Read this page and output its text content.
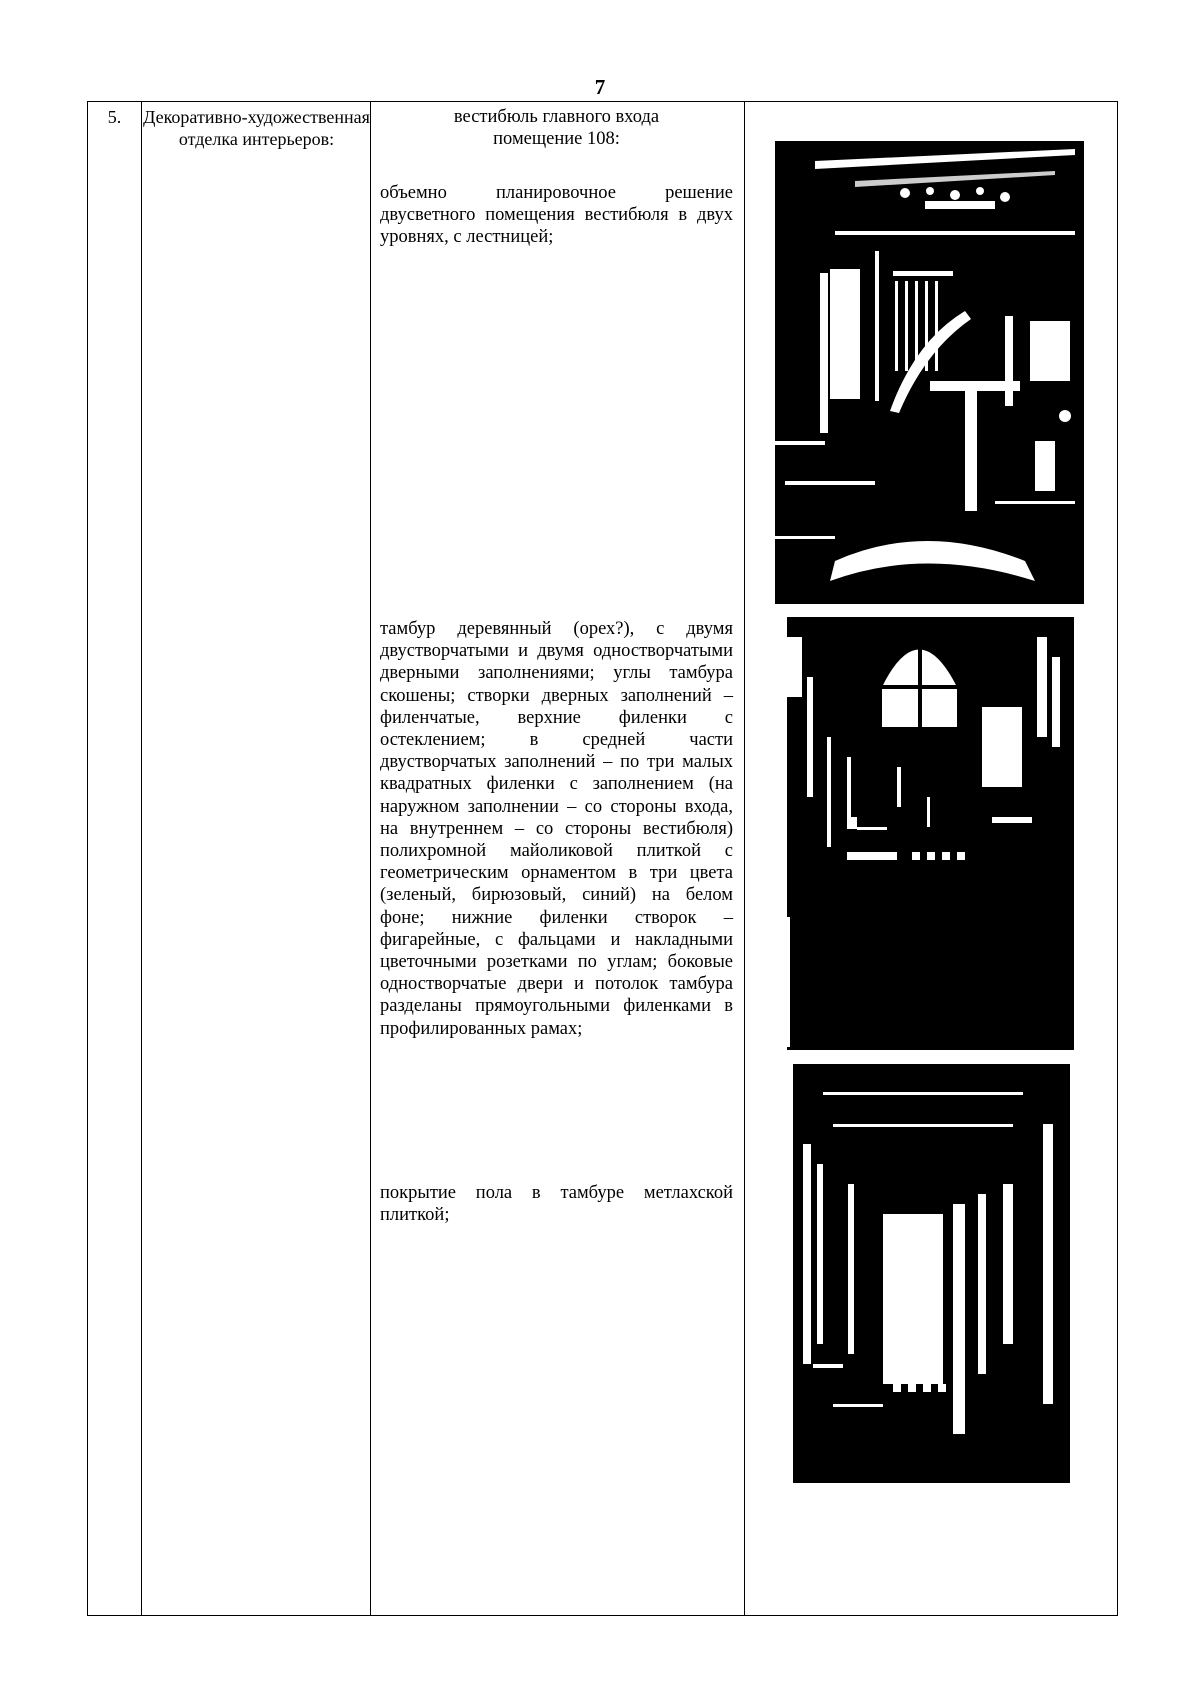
7
5.	Декоративно-художественная отделка интерьеров:
вестибюль главного входа
помещение 108:
объемно планировочное решение двусветного помещения вестибюля в двух уровнях, с лестницей;
тамбур деревянный (орех?), с двумя двустворчатыми и двумя одностворчатыми дверными заполнениями; углы тамбура скошены; створки дверных заполнений – филенчатые, верхние филенки с остеклением; в средней части двустворчатых заполнений – по три малых квадратных филенки с заполнением (на наружном заполнении – со стороны входа, на внутреннем – со стороны вестибюля) полихромной майоликовой плиткой с геометрическим орнаментом в три цвета (зеленый, бирюзовый, синий) на белом фоне; нижние филенки створок – фигарейные, с фальцами и накладными цветочными розетками по углам; боковые одностворчатые двери и потолок тамбура разделаны прямоугольными филенками в профилированных рамах;
покрытие пола в тамбуре метлахской плиткой;
